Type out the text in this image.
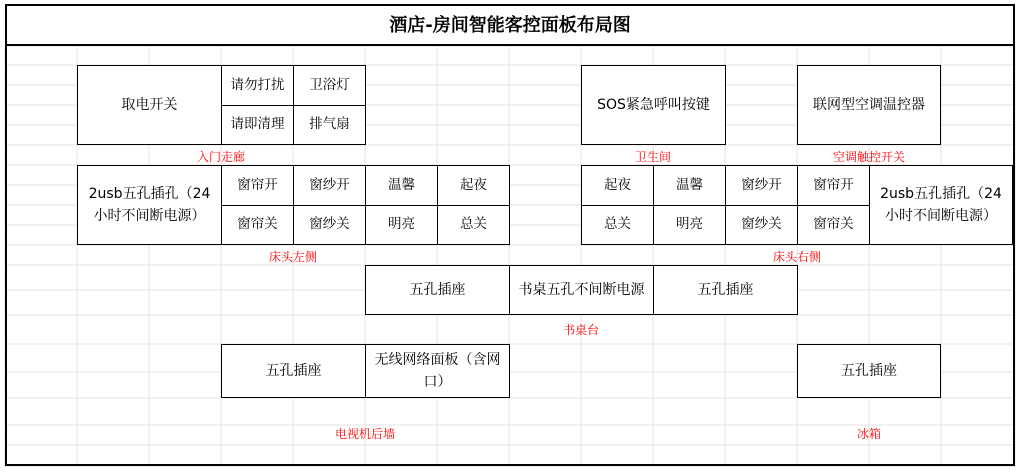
酒店-房间智能客控面板布局图
取电开关
请勿打扰 卫浴灯
请即清理 排气扇
入门走廊
SOS紧急呼叫按键
卫生间
联网型空调温控器
空调触控开关
2usb五孔插孔（24小时不间断电源）
窗帘开 窗纱开	温馨	起夜
窗帘关 窗纱关	明亮	总关
床头左侧
起夜	温馨	窗纱开 窗帘开
总关	明亮	窗纱关 窗帘关
2usb五孔插孔（24小时不间断电源）
床头右侧
五孔插座	书桌五孔不间断电源	五孔插座
书桌台
五孔插座
无线网络面板（含网口）
电视机后墙
五孔插座
冰箱
